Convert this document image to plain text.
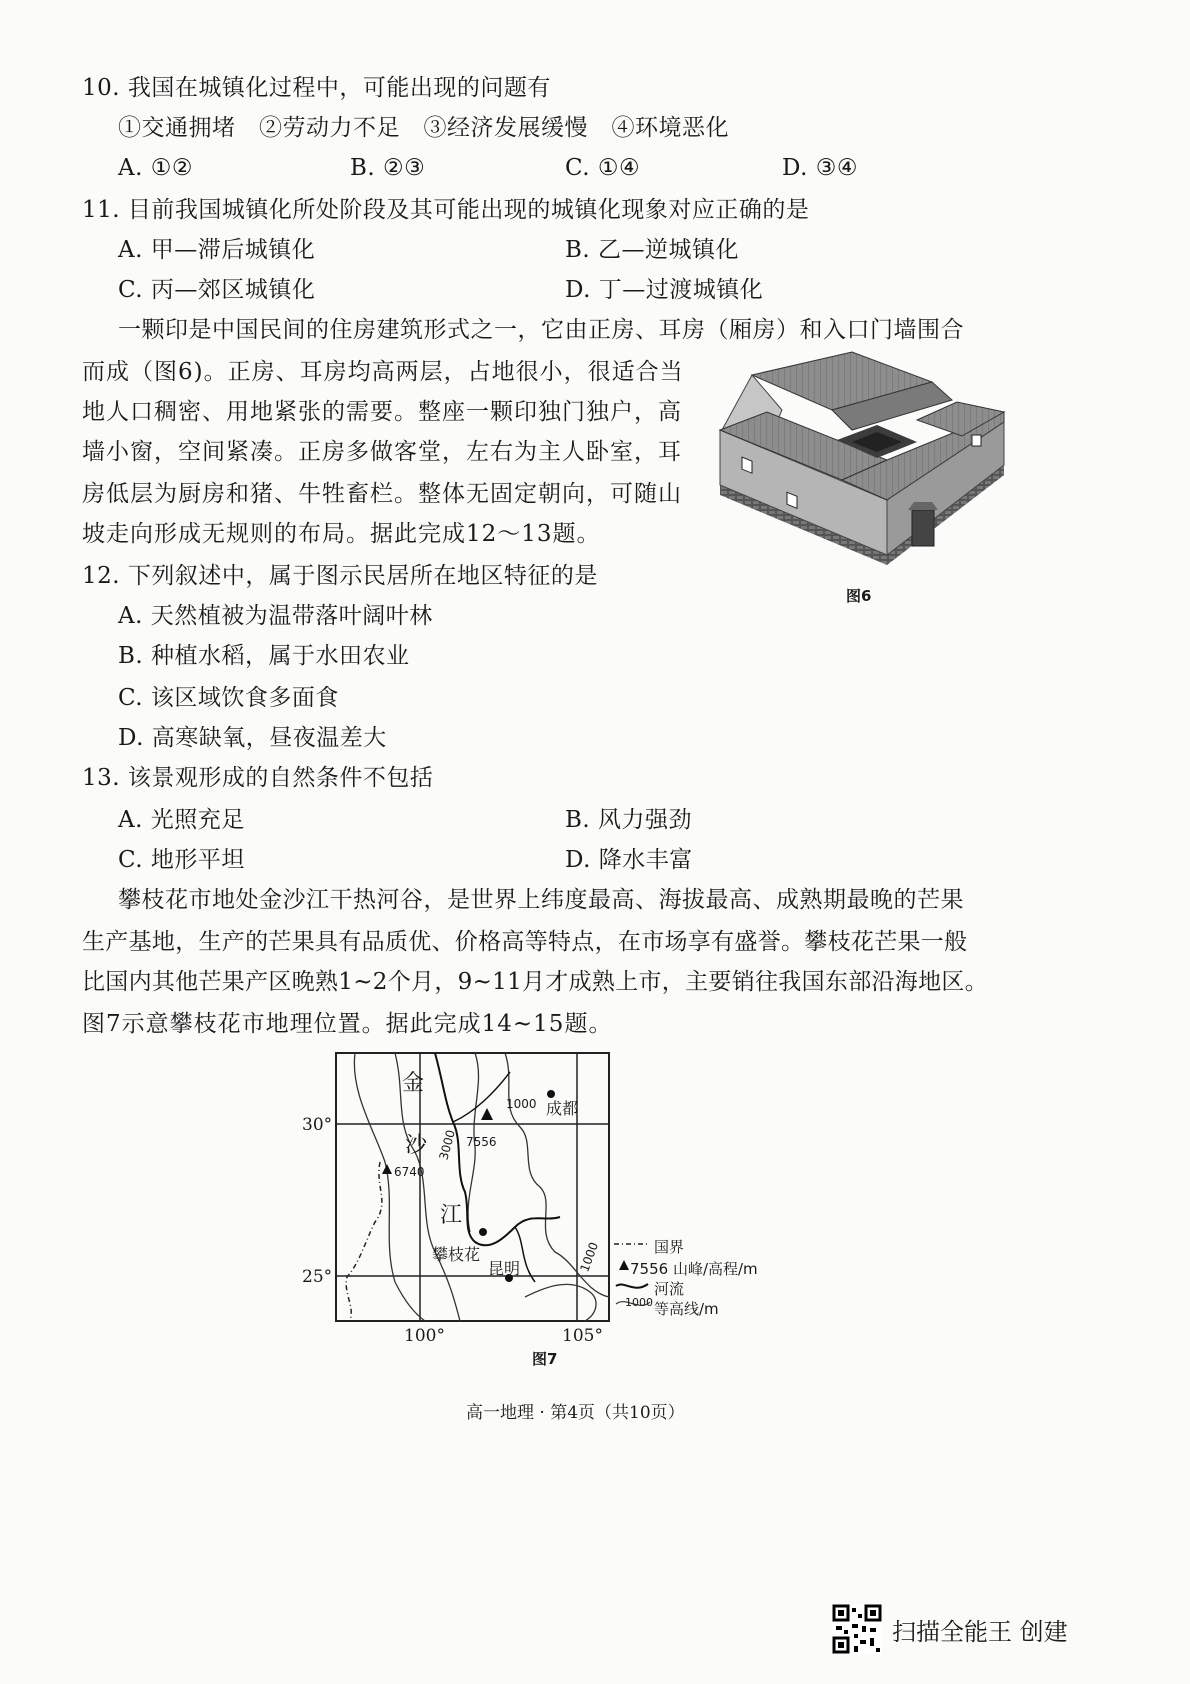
10. 我国在城镇化过程中，可能出现的问题有
①交通拥堵　②劳动力不足　③经济发展缓慢　④环境恶化
A. ①②	B. ②③	C. ①④	D. ③④
11. 目前我国城镇化所处阶段及其可能出现的城镇化现象对应正确的是
A. 甲—滞后城镇化	B. 乙—逆城镇化
C. 丙—郊区城镇化	D. 丁—过渡城镇化
一颗印是中国民间的住房建筑形式之一，它由正房、耳房（厢房）和入口门墙围合
而成（图6)。正房、耳房均高两层，占地很小，很适合当
地人口稠密、用地紧张的需要。整座一颗印独门独户，高
墙小窗，空间紧凑。正房多做客堂，左右为主人卧室，耳
房低层为厨房和猪、牛牲畜栏。整体无固定朝向，可随山
坡走向形成无规则的布局。据此完成12～13题。
图6
12. 下列叙述中，属于图示民居所在地区特征的是
A. 天然植被为温带落叶阔叶林
B. 种植水稻，属于水田农业
C. 该区域饮食多面食
D. 高寒缺氧，昼夜温差大
13. 该景观形成的自然条件不包括
A. 光照充足	B. 风力强劲
C. 地形平坦	D. 降水丰富
攀枝花市地处金沙江干热河谷，是世界上纬度最高、海拔最高、成熟期最晚的芒果
生产基地，生产的芒果具有品质优、价格高等特点，在市场享有盛誉。攀枝花芒果一般
比国内其他芒果产区晚熟1~2个月，9~11月才成熟上市，主要销往我国东部沿海地区。
图7示意攀枝花市地理位置。据此完成14~15题。
金
沙
江
30°
25°
100°	105°
成都
攀枝花
昆明
7556
6740
1000
3000
1000	国界
7556 山峰/高程/m
河流
1000 等高线/m
图7
高一地理 · 第4页（共10页）
扫描全能王 创建
